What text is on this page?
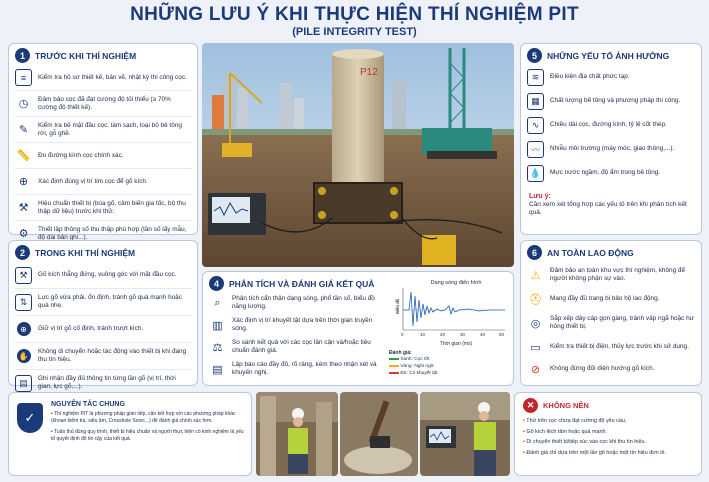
NHỮNG LƯU Ý KHI THỰC HIỆN THÍ NGHIỆM PIT
(PILE INTEGRITY TEST)
1	TRƯỚC KHI THÍ NGHIỆM
≡	Kiểm tra hồ sơ thiết kế, bản vẽ, nhật ký thi công cọc.
◷	Đảm bảo cọc đã đạt cường độ tối thiểu (≥ 70% cường độ thiết kế).
✎	Kiểm tra bề mặt đầu cọc: làm sạch, loại bỏ bê tông rời, gỗ ghề.
📏 Đo đường kính cọc chính xác.
⊕	Xác định đúng vị trí tim cọc để gõ kích.
⚒	Hiệu chuẩn thiết bị (búa gõ, cảm biến gia tốc, bộ thu thập dữ liệu) trước khi thử.
⚙	Thiết lập thông số thu thập phù hợp (tần số lấy mẫu, độ dài bản ghi...).
2	TRONG KHI THÍ NGHIỆM
⚒	Gõ kích thẳng đứng, vuông góc với mặt đầu cọc.
⇅	Lực gõ vừa phải, ổn định, tránh gõ quá mạnh hoặc quá nhẹ.
⊕	Giữ vị trí gõ cố định, tránh trượt kích.
✋	Không di chuyển hoặc tác động vào thiết bị khi đang thu tín hiệu.
▤	Ghi nhận đầy đủ thông tin từng lần gõ (vị trí, thời gian, lực gõ,...).
P12
4	PHÂN TÍCH VÀ ĐÁNH GIÁ KẾT QUẢ
⌕	Phân tích cẩn thận dạng sóng, phổ tần số, biểu đồ năng lượng.
▥	Xác định vị trí khuyết tật dựa trên thời gian truyền sóng.
⚖	So sánh kết quả với các cọc lân cận và/hoặc tiêu chuẩn đánh giá.
▤	Lập báo cáo đầy đủ, rõ ràng, kèm theo nhận xét và khuyến nghị.
Dạng sóng điển hình
Biên độ
0	10	20	30	40	50
Thời gian (ms)
Đánh giá:
Xanh: Cọc tốt
Vàng: Nghi ngờ
Đỏ: Có khuyết tật
5	NHỮNG YẾU TỐ ẢNH HƯỞNG
≋	Điều kiện địa chất phức tạp.
▦	Chất lượng bê tông và phương pháp thi công.
∿	Chiều dài cọc, đường kính, tỷ lệ cốt thép.
〰	Nhiễu môi trường (máy móc, giao thông,...).
💧	Mực nước ngầm, độ ẩm trong bê tông.
Lưu ý:
Cần xem xét tổng hợp các yếu tố trên khi phân tích kết quả.
6	AN TOÀN LAO ĐỘNG
⚠	Đảm bảo an toàn khu vực thí nghiệm, không để người không phận sự vào.
⛑ Mang đầy đủ trang bị bảo hộ lao động.
◎	Sắp xếp dây cáp gọn gàng, tránh vấp ngã hoặc hư hỏng thiết bị.
▭	Kiểm tra thiết bị điện, thủy lực trước khi sử dụng.
⊘	Không đứng đối diện hướng gõ kích.
✓
NGUYÊN TẮC CHUNG
• Thí nghiệm PIT là phương pháp gián tiếp, cần kết hợp với các phương pháp khác (khoan kiểm tra, siêu âm, Crosshole Sonic...) để đánh giá chính xác hơn.
• Tuân thủ đúng quy trình, thiết bị hiệu chuẩn và người thực hiện có kinh nghiệm là yếu tố quyết định độ tin cậy của kết quả.
✕	KHÔNG NÊN
• Thử trên cọc chưa đạt cường độ yêu cầu.
• Gõ kích lệch tâm hoặc quá mạnh.
• Di chuyển thiết bị/tiếp xúc vào cọc khi thu tín hiệu.
• Đánh giá chỉ dựa trên một lần gõ hoặc một tín hiệu đơn lẻ.
